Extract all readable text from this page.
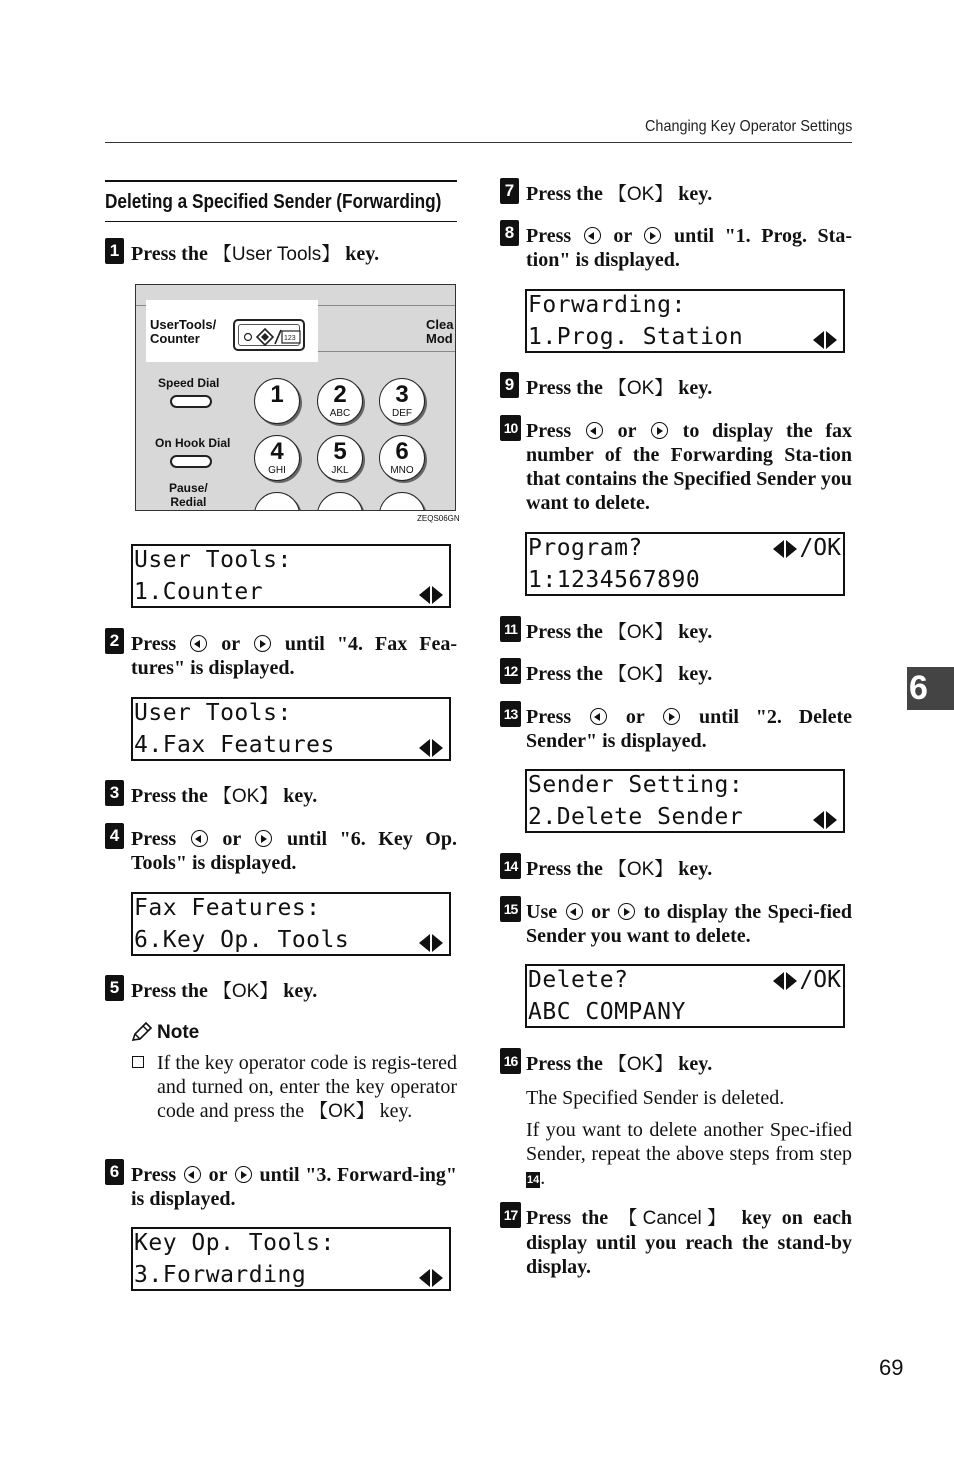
Changing Key Operator Settings
Deleting a Specified Sender (Forwarding)
1 Press the 【User Tools】 key.
UserTools/
Counter	123
Clea
Mod
Speed Dial
On Hook Dial
Pause/
Redial
1	2
ABC
3
DEF
4
GHI
5
JKL
6
MNO
ZEQS06GN
User Tools:
1.Counter
2 Press  or  until "4. Fax Fea-tures" is displayed.
User Tools:
4.Fax Features
3 Press the 【OK】 key.
4 Press  or  until "6. Key Op. Tools" is displayed.
Fax Features:
6.Key Op. Tools
5 Press the 【OK】 key.
Note
If the key operator code is regis-tered and turned on, enter the key operator code and press the 【OK】 key.
6 Press  or  until "3. Forward-ing" is displayed.
Key Op. Tools:
3.Forwarding
7 Press the 【OK】 key.
8 Press  or  until "1. Prog. Sta-tion" is displayed.
Forwarding:
1.Prog. Station
9 Press the 【OK】 key.
10 Press  or  to display the fax number of the Forwarding Sta-tion that contains the Specified Sender you want to delete.
Program?
1:1234567890
/OK
11 Press the 【OK】 key.
12 Press the 【OK】 key.
13 Press  or  until "2. Delete Sender" is displayed.
Sender Setting:
2.Delete Sender
14 Press the 【OK】 key.
15 Use  or  to display the Speci-fied Sender you want to delete.
Delete?
ABC COMPANY
/OK
16 Press the 【OK】 key.
The Specified Sender is deleted.
If you want to delete another Spec-ified Sender, repeat the above steps from step 14.
17 Press the 【Cancel】 key on each display until you reach the stand-by display.
6
69
